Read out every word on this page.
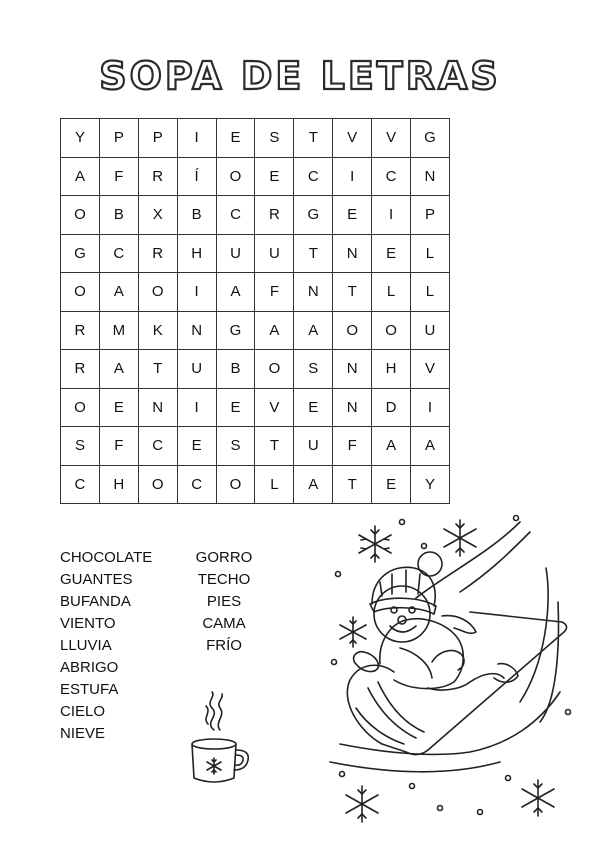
SOPA DE LETRAS
Y	P	P	I	E	S	T	V	V	G
A	F	R	Í	O	E	C	I	C	N
O	B	X	B	C	R	G	E	I	P
G	C	R	H	U	U	T	N	E	L
O	A	O	I	A	F	N	T	L	L
R	M	K	N	G	A	A	O	O	U
R	A	T	U	B	O	S	N	H	V
O	E	N	I	E	V	E	N	D	I
S	F	C	E	S	T	U	F	A	A
C	H	O	C	O	L	A	T	E	Y
CHOCOLATE
GUANTES
BUFANDA
VIENTO
LLUVIA
ABRIGO
ESTUFA
CIELO
NIEVE
GORRO
TECHO
PIES
CAMA
FRÍO
